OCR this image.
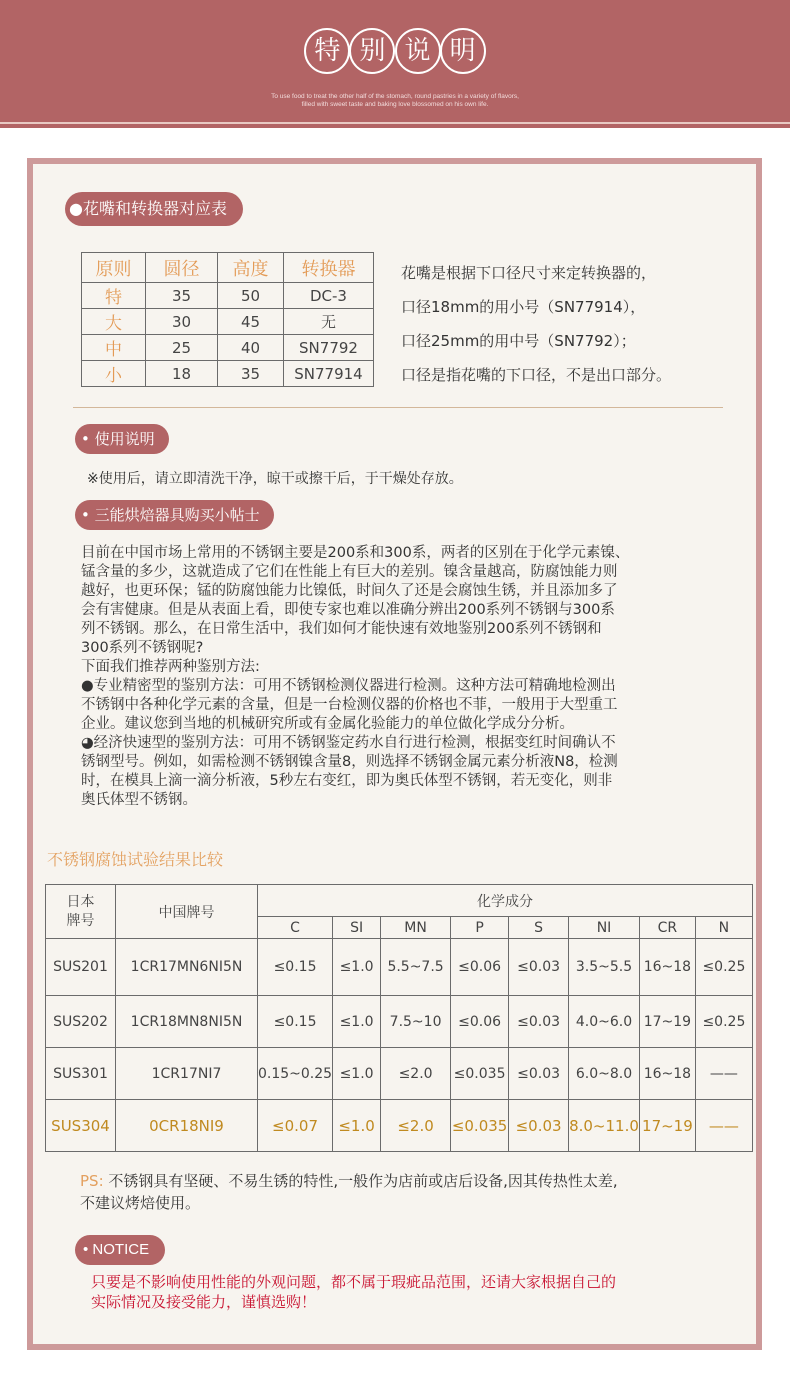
特 别 说 明
To use food to treat the other half of the stomach, round pastries in a variety of flavors,
filled with sweet taste and baking love blossomed on his own life.
●花嘴和转换器对应表
原则	圆径	高度	转换器
特	35	50	DC-3
大	30	45	无
中	25	40	SN7792
小	18	35	SN77914
花嘴是根据下口径尺寸来定转换器的，
口径18mm的用小号（SN77914），
口径25mm的用中号（SN7792）；
口径是指花嘴的下口径，不是出口部分。
• 使用说明
※使用后，请立即清洗干净，晾干或擦干后，于干燥处存放。
• 三能烘焙器具购买小帖士
目前在中国市场上常用的不锈钢主要是200系和300系，两者的区别在于化学元素镍、
锰含量的多少，这就造成了它们在性能上有巨大的差别。镍含量越高，防腐蚀能力则
越好，也更环保；锰的防腐蚀能力比镍低，时间久了还是会腐蚀生锈，并且添加多了
会有害健康。但是从表面上看，即使专家也难以准确分辨出200系列不锈钢与300系
列不锈钢。那么，在日常生活中，我们如何才能快速有效地鉴别200系列不锈钢和
300系列不锈钢呢?
下面我们推荐两种鉴别方法:
●专业精密型的鉴别方法：可用不锈钢检测仪器进行检测。这种方法可精确地检测出
不锈钢中各种化学元素的含量，但是一台检测仪器的价格也不菲，一般用于大型重工
企业。建议您到当地的机械研究所或有金属化验能力的单位做化学成分分析。
◕经济快速型的鉴别方法：可用不锈钢鉴定药水自行进行检测，根据变红时间确认不
锈钢型号。例如，如需检测不锈钢镍含量8，则选择不锈钢金属元素分析液N8，检测
时，在模具上滴一滴分析液，5秒左右变红，即为奥氏体型不锈钢，若无变化，则非
奥氏体型不锈钢。
不锈钢腐蚀试验结果比较
日本
牌号	中国牌号	化学成分							
		C	SI	MN	P	S	NI	CR	N
SUS201	1CR17MN6NI5N	≤0.15	≤1.0	5.5~7.5	≤0.06	≤0.03	3.5~5.5	16~18	≤0.25
SUS202	1CR18MN8NI5N	≤0.15	≤1.0	7.5~10	≤0.06	≤0.03	4.0~6.0	17~19	≤0.25
SUS301	1CR17NI7	0.15~0.25	≤1.0	≤2.0	≤0.035	≤0.03	6.0~8.0	16~18	——
SUS304	0CR18NI9	≤0.07	≤1.0	≤2.0	≤0.035	≤0.03	8.0~11.0	17~19	——
PS: 不锈钢具有坚硬、不易生锈的特性,一般作为店前或店后设备,因其传热性太差,
不建议烤焙使用。
• NOTICE
只要是不影响使用性能的外观问题，都不属于瑕疵品范围，还请大家根据自己的
实际情况及接受能力，谨慎选购！
